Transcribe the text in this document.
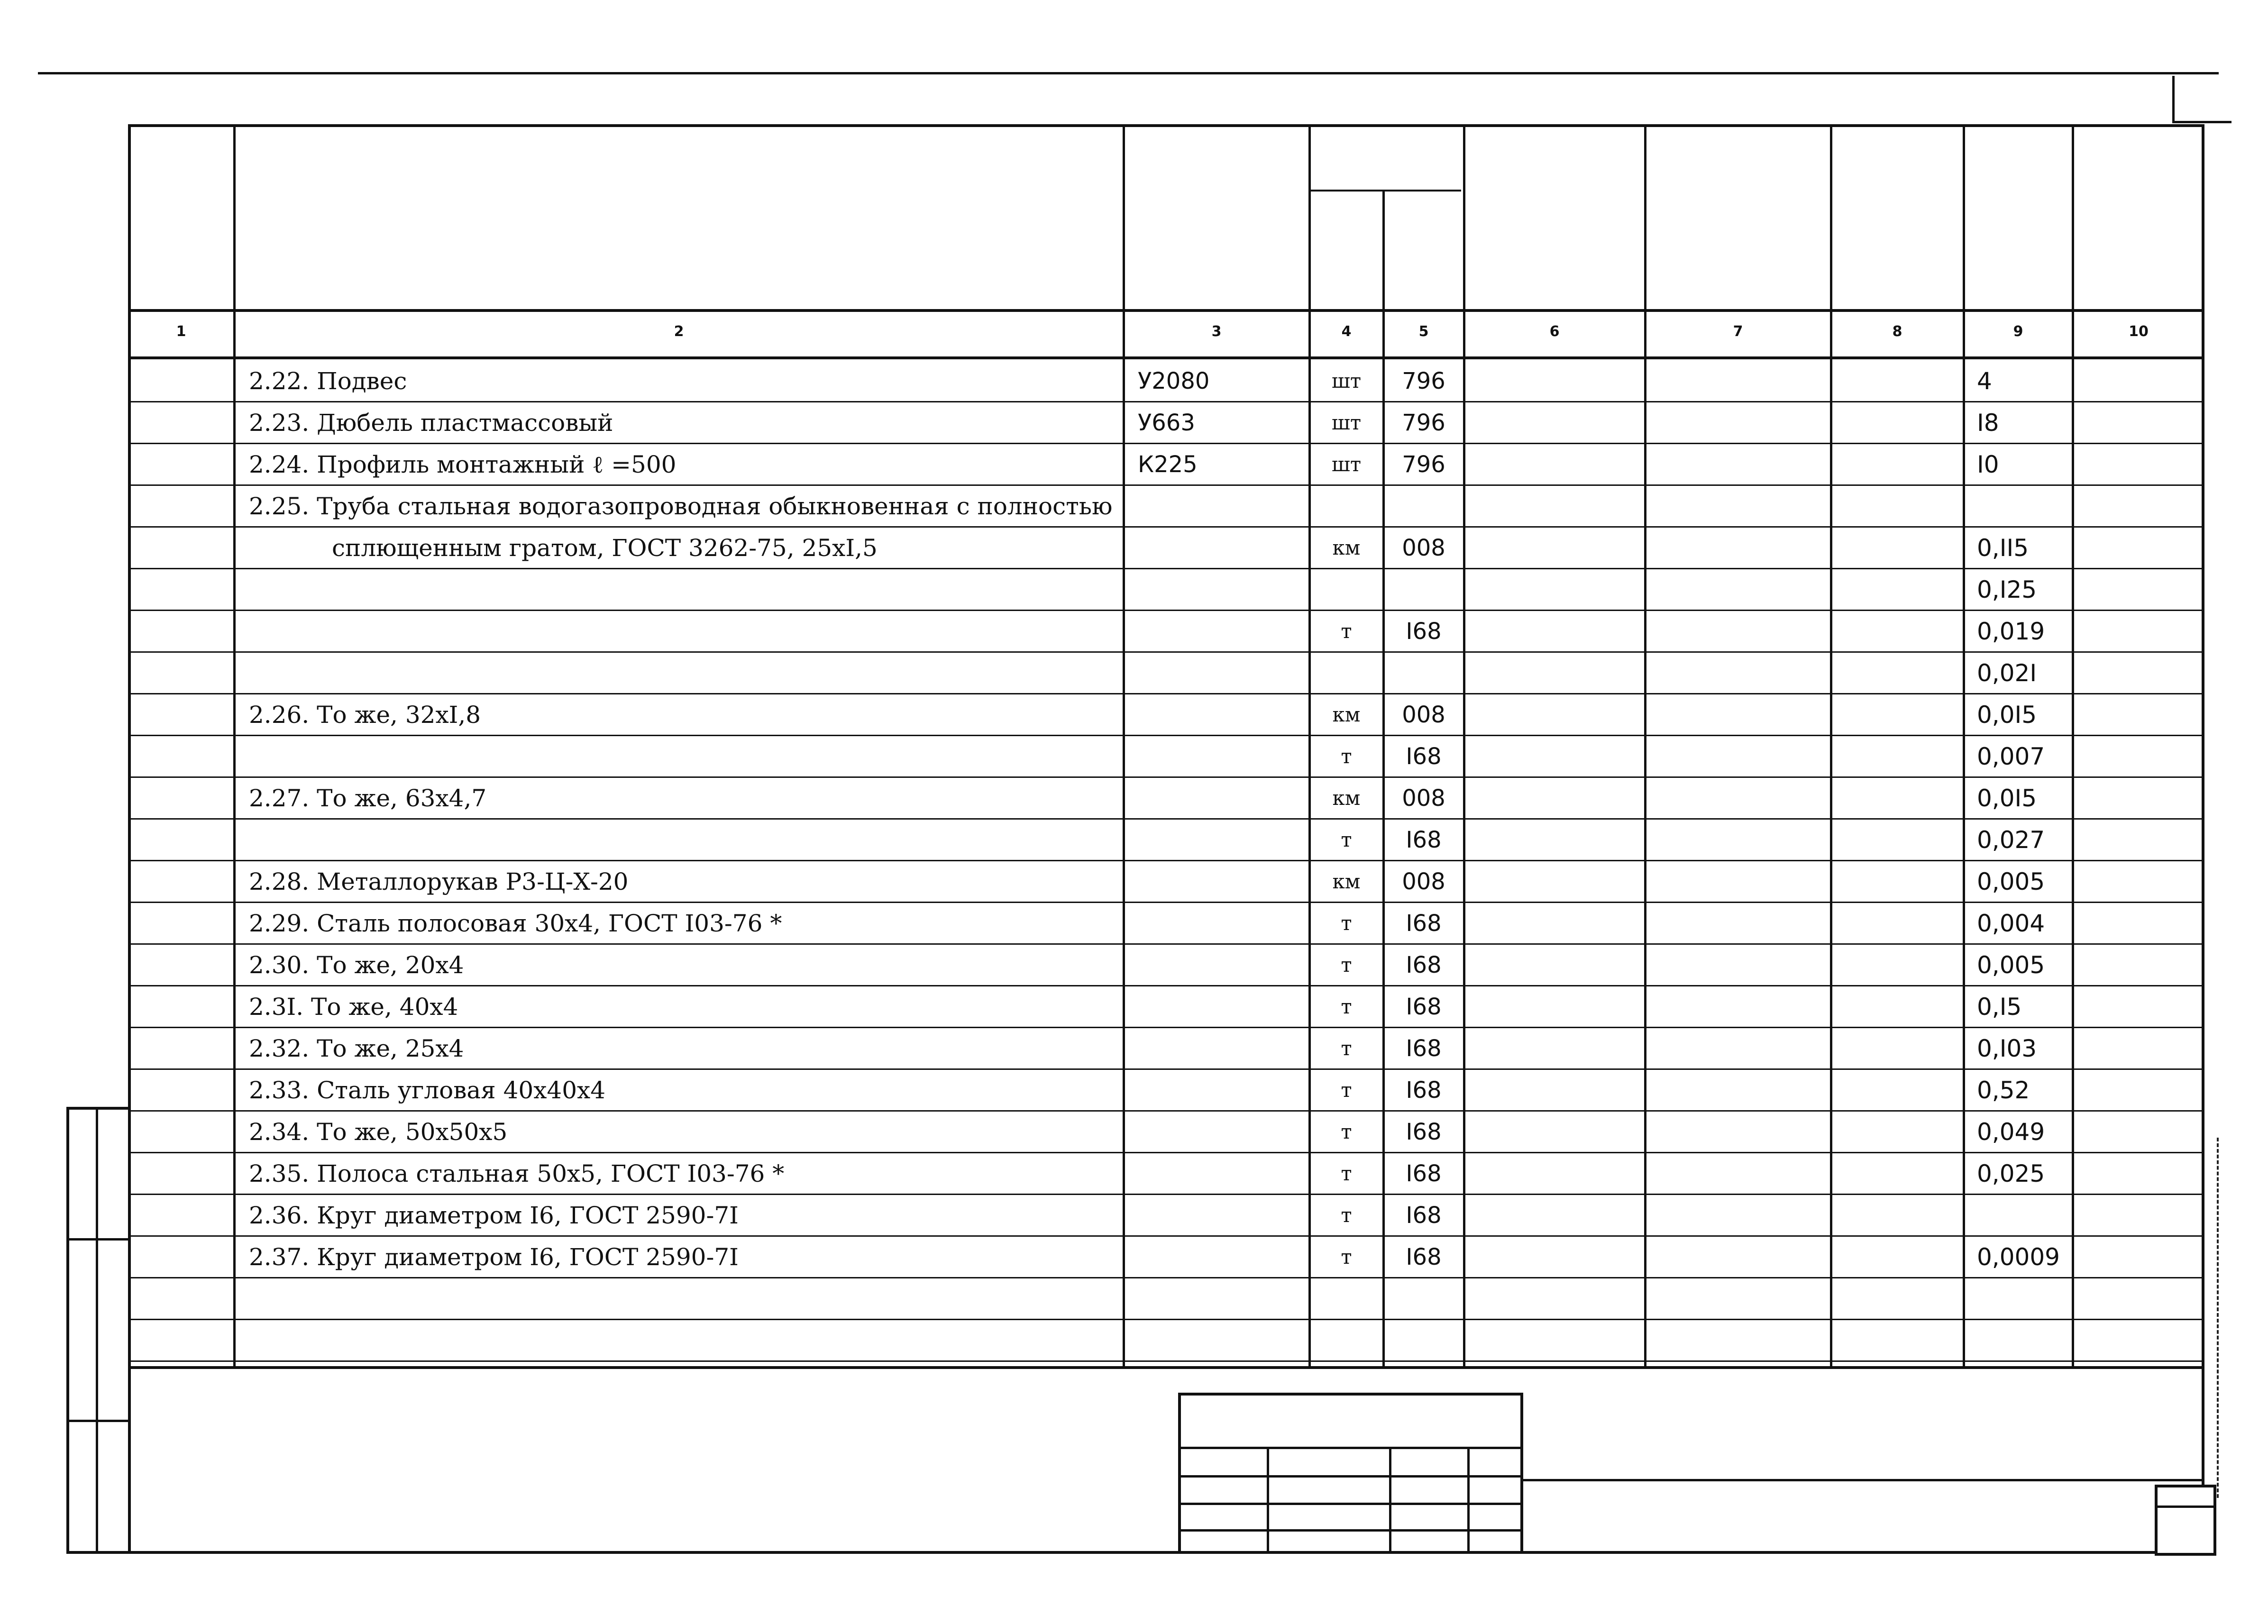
1	2	3	4	5	6	7	8	9	10
2.22. Подвес	У2080	шт	796	4
2.23. Дюбель пластмассовый	У663	шт	796	I8
2.24. Профиль монтажный ℓ =500	К225	шт	796	I0
2.25. Труба стальная водогазопроводная обыкновенная с полностью
сплющенным гратом, ГОСТ 3262-75, 25хI,5	км	008	0,II5
0,I25
т	I68	0,019
0,02I
2.26. То же, 32хI,8	км	008	0,0I5
т	I68	0,007
2.27. То же, 63х4,7	км	008	0,0I5
т	I68	0,027
2.28. Металлорукав Р3-Ц-Х-20	км	008	0,005
2.29. Сталь полосовая 30х4, ГОСТ I03-76 *	т	I68	0,004
2.30. То же, 20х4	т	I68	0,005
2.3I. То же, 40х4	т	I68	0,I5
2.32. То же, 25х4	т	I68	0,I03
2.33. Сталь угловая 40х40х4	т	I68	0,52
2.34. То же, 50х50х5	т	I68	0,049
2.35. Полоса стальная 50х5, ГОСТ I03-76 *	т	I68	0,025
2.36. Круг диаметром I6, ГОСТ 2590-7I	т	I68
2.37. Круг диаметром I6, ГОСТ 2590-7I	т	I68	0,0009
